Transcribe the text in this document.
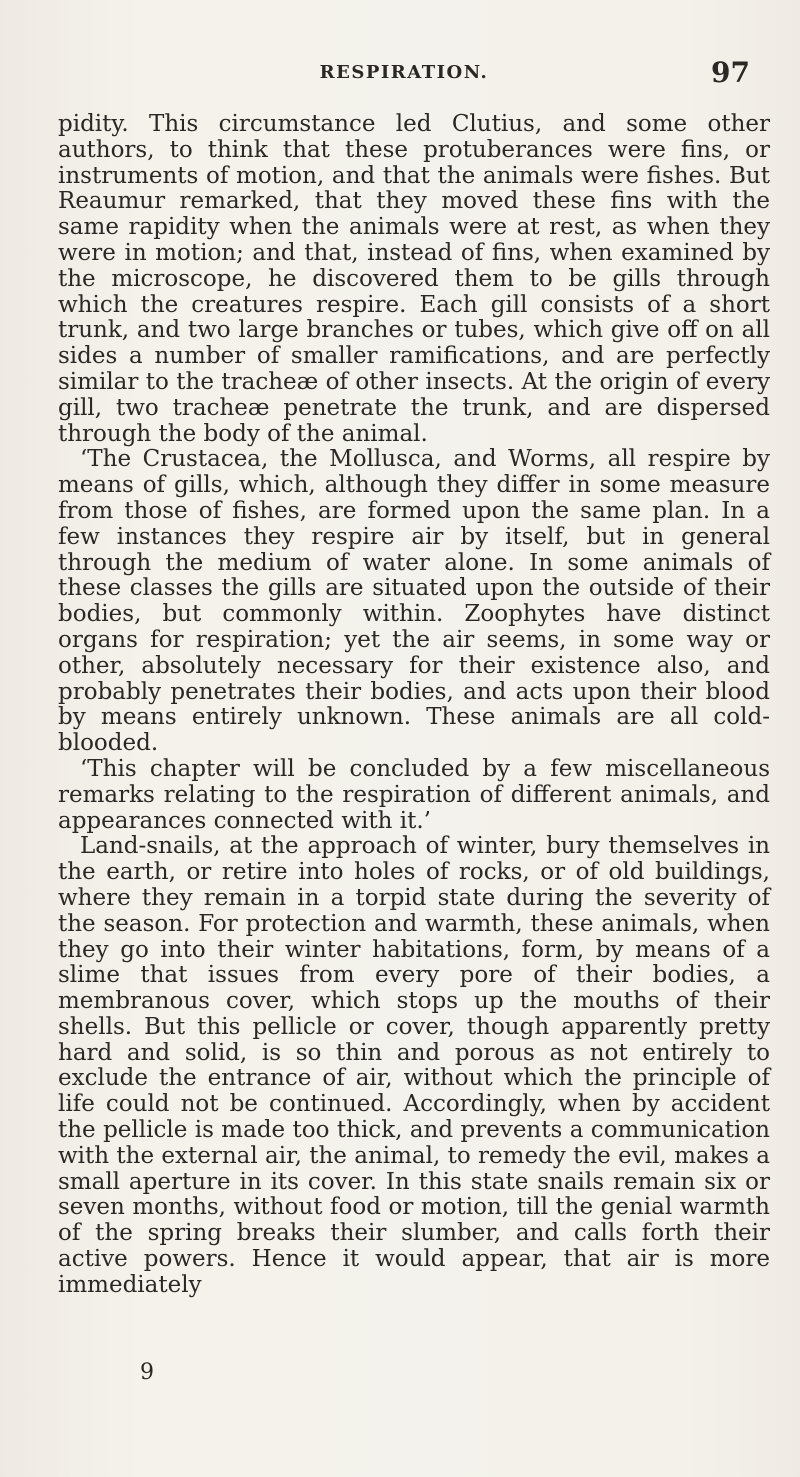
RESPIRATION.	97

pidity. This circumstance led Clutius, and some other authors, to think that these protuberances were fins, or instruments of motion, and that the animals were fishes. But Reaumur remarked, that they moved these fins with the same rapidity when the animals were at rest, as when they were in motion; and that, instead of fins, when examined by the microscope, he discovered them to be gills through which the creatures respire. Each gill consists of a short trunk, and two large branches or tubes, which give off on all sides a number of smaller ramifications, and are perfectly similar to the tracheæ of other insects. At the origin of every gill, two tracheæ penetrate the trunk, and are dispersed through the body of the animal.

‘The Crustacea, the Mollusca, and Worms, all respire by means of gills, which, although they differ in some measure from those of fishes, are formed upon the same plan. In a few instances they respire air by itself, but in general through the medium of water alone. In some animals of these classes the gills are situated upon the outside of their bodies, but commonly within. Zoophytes have distinct organs for respiration; yet the air seems, in some way or other, absolutely necessary for their existence also, and probably penetrates their bodies, and acts upon their blood by means entirely unknown. These animals are all cold-blooded.

‘This chapter will be concluded by a few miscellaneous remarks relating to the respiration of different animals, and appearances connected with it.’

Land-snails, at the approach of winter, bury themselves in the earth, or retire into holes of rocks, or of old buildings, where they remain in a torpid state during the severity of the season. For protection and warmth, these animals, when they go into their winter habitations, form, by means of a slime that issues from every pore of their bodies, a membranous cover, which stops up the mouths of their shells. But this pellicle or cover, though apparently pretty hard and solid, is so thin and porous as not entirely to exclude the entrance of air, without which the principle of life could not be continued. Accordingly, when by accident the pellicle is made too thick, and prevents a communication with the external air, the animal, to remedy the evil, makes a small aperture in its cover. In this state snails remain six or seven months, without food or motion, till the genial warmth of the spring breaks their slumber, and calls forth their active powers. Hence it would appear, that air is more immediately

9
